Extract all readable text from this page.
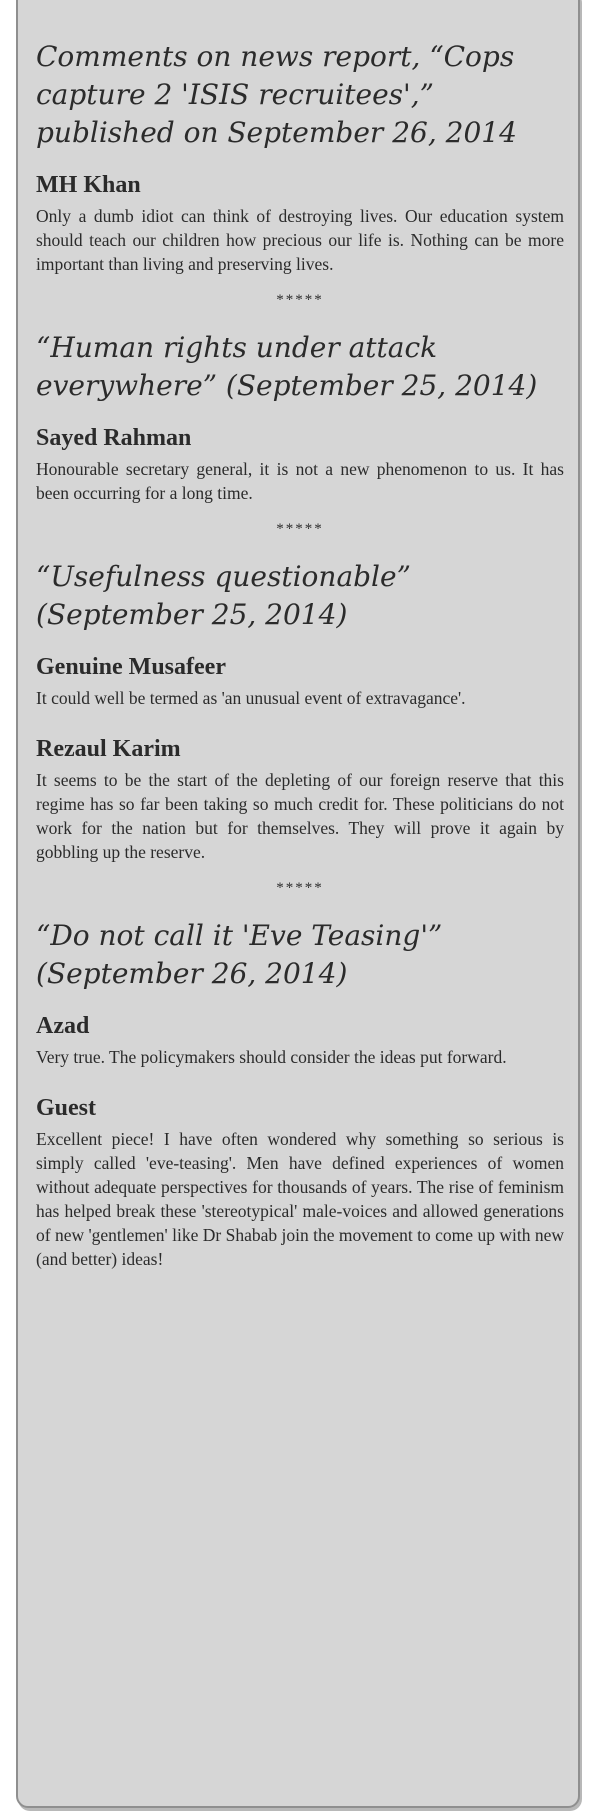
Comments on news report, “Cops capture 2 'ISIS recruitees',” published on September 26, 2014
MH Khan

Only a dumb idiot can think of destroying lives. Our education system should teach our children how precious our life is. Nothing can be more important than living and preserving lives.

*****
“Human rights under attack everywhere” (September 25, 2014)
Sayed Rahman

Honourable secretary general, it is not a new phenomenon to us. It has been occurring for a long time.

*****
“Usefulness questionable” (September 25, 2014)
Genuine Musafeer

It could well be termed as 'an unusual event of extravagance'.

Rezaul Karim

It seems to be the start of the depleting of our foreign reserve that this regime has so far been taking so much credit for. These politicians do not work for the nation but for themselves. They will prove it again by gobbling up the reserve.

*****
“Do not call it 'Eve Teasing'” (September 26, 2014)
Azad

Very true. The policymakers should consider the ideas put forward.

Guest

Excellent piece! I have often wondered why something so serious is simply called 'eve-teasing'. Men have defined experiences of women without adequate perspectives for thousands of years. The rise of feminism has helped break these 'stereotypical' male-voices and allowed generations of new 'gentlemen' like Dr Shabab join the movement to come up with new (and better) ideas!
